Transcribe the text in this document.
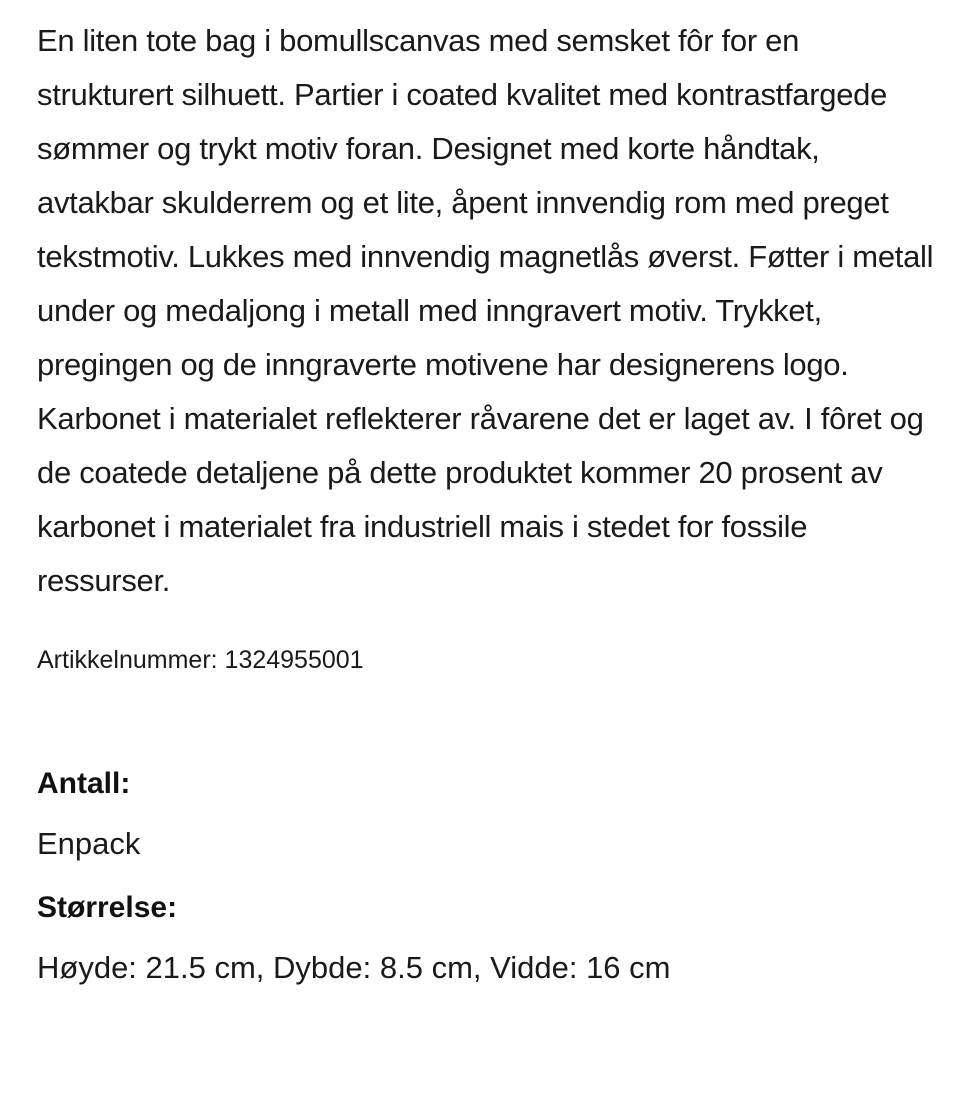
En liten tote bag i bomullscanvas med semsket fôr for en strukturert silhuett. Partier i coated kvalitet med kontrastfargede sømmer og trykt motiv foran. Designet med korte håndtak, avtakbar skulderrem og et lite, åpent innvendig rom med preget tekstmotiv. Lukkes med innvendig magnetlås øverst. Føtter i metall under og medaljong i metall med inngravert motiv. Trykket, pregingen og de inngraverte motivene har designerens logo. Karbonet i materialet reflekterer råvarene det er laget av. I fôret og de coatede detaljene på dette produktet kommer 20 prosent av karbonet i materialet fra industriell mais i stedet for fossile ressurser.

Artikkelnummer: 1324955001

Antall:

Enpack

Størrelse:

Høyde: 21.5 cm, Dybde: 8.5 cm, Vidde: 16 cm
